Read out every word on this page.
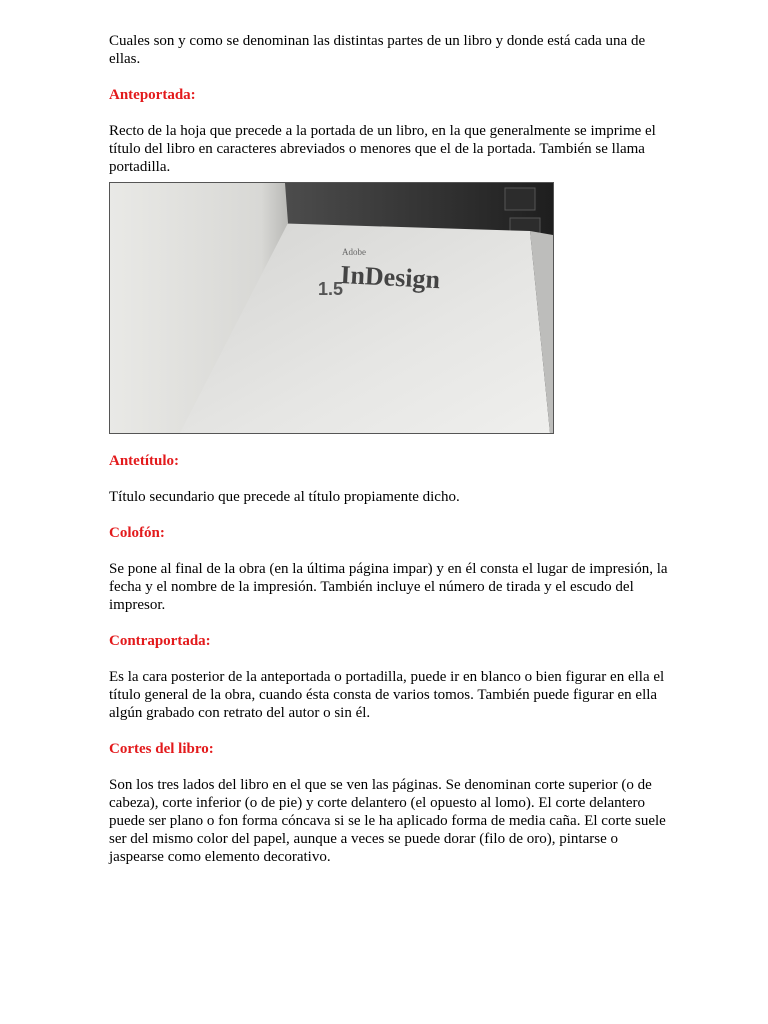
Cuales son y como se denominan las distintas partes de un libro y donde está cada una de ellas.

Anteportada:

Recto de la hoja que precede a la portada de un libro, en la que generalmente se imprime el título del libro en caracteres abreviados o menores que el de la portada. También se llama portadilla.

Adobe
InDesign
1.5

Antetítulo:

Título secundario que precede al título propiamente dicho.

Colofón:

Se pone al final de la obra (en la última página impar) y en él consta el lugar de impresión, la fecha y el nombre de la impresión. También incluye el número de tirada y el escudo del impresor.

Contraportada:

Es la cara posterior de la anteportada o portadilla, puede ir en blanco o bien figurar en ella el título general de la obra, cuando ésta consta de varios tomos. También puede figurar en ella algún grabado con retrato del autor o sin él.

Cortes del libro:

Son los tres lados del libro en el que se ven las páginas. Se denominan corte superior (o de cabeza), corte inferior (o de pie) y corte delantero (el opuesto al lomo). El corte delantero puede ser plano o fon forma cóncava si se le ha aplicado forma de media caña. El corte suele ser del mismo color del papel, aunque a veces se puede dorar (filo de oro), pintarse o jaspearse como elemento decorativo.
